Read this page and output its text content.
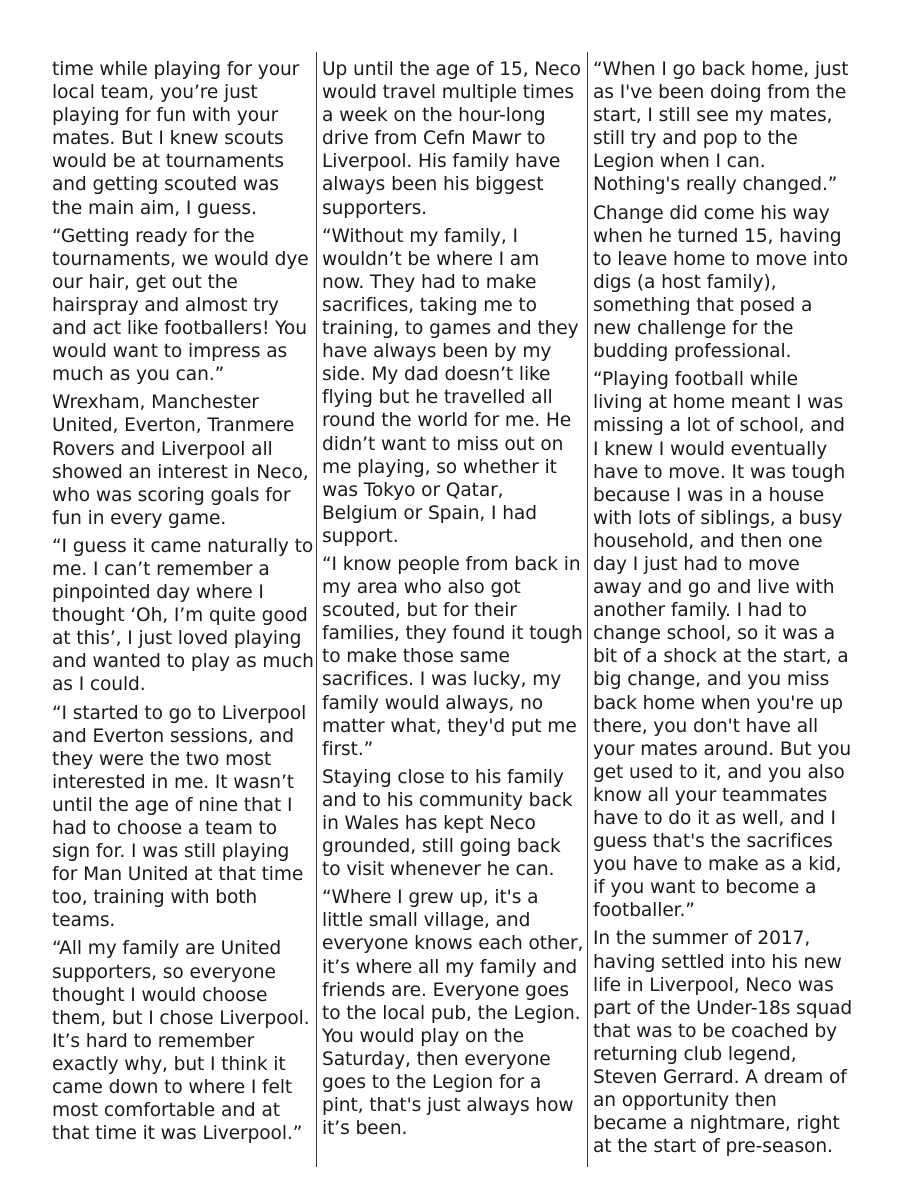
time while playing for your local team, you’re just playing for fun with your mates. But I knew scouts would be at tournaments and getting scouted was the main aim, I guess.

“Getting ready for the tournaments, we would dye our hair, get out the hairspray and almost try and act like footballers! You would want to impress as much as you can.”

Wrexham, Manchester United, Everton, Tranmere Rovers and Liverpool all showed an interest in Neco, who was scoring goals for fun in every game.

“I guess it came naturally to me. I can’t remember a pinpointed day where I thought ‘Oh, I’m quite good at this’, I just loved playing and wanted to play as much as I could.

“I started to go to Liverpool and Everton sessions, and they were the two most interested in me. It wasn’t until the age of nine that I had to choose a team to sign for. I was still playing for Man United at that time too, training with both teams.

“All my family are United supporters, so everyone thought I would choose them, but I chose Liverpool. It’s hard to remember exactly why, but I think it came down to where I felt most comfortable and at that time it was Liverpool.”

Up until the age of 15, Neco would travel multiple times a week on the hour-long drive from Cefn Mawr to Liverpool. His family have always been his biggest supporters.

“Without my family, I wouldn’t be where I am now. They had to make sacrifices, taking me to training, to games and they have always been by my side. My dad doesn’t like flying but he travelled all round the world for me. He didn’t want to miss out on me playing, so whether it was Tokyo or Qatar, Belgium or Spain, I had support.

“I know people from back in my area who also got scouted, but for their families, they found it tough to make those same sacrifices. I was lucky, my family would always, no matter what, they'd put me first.”

Staying close to his family and to his community back in Wales has kept Neco grounded, still going back to visit whenever he can.

“Where I grew up, it's a little small village, and everyone knows each other, it’s where all my family and friends are. Everyone goes to the local pub, the Legion. You would play on the Saturday, then everyone goes to the Legion for a pint, that's just always how it’s been.

“When I go back home, just as I've been doing from the start, I still see my mates, still try and pop to the Legion when I can. Nothing's really changed.”

Change did come his way when he turned 15, having to leave home to move into digs (a host family), something that posed a new challenge for the budding professional.

“Playing football while living at home meant I was missing a lot of school, and I knew I would eventually have to move. It was tough because I was in a house with lots of siblings, a busy household, and then one day I just had to move away and go and live with another family. I had to change school, so it was a bit of a shock at the start, a big change, and you miss back home when you're up there, you don't have all your mates around. But you get used to it, and you also know all your teammates have to do it as well, and I guess that's the sacrifices you have to make as a kid, if you want to become a footballer.”

In the summer of 2017, having settled into his new life in Liverpool, Neco was part of the Under-18s squad that was to be coached by returning club legend, Steven Gerrard. A dream of an opportunity then became a nightmare, right at the start of pre-season.
